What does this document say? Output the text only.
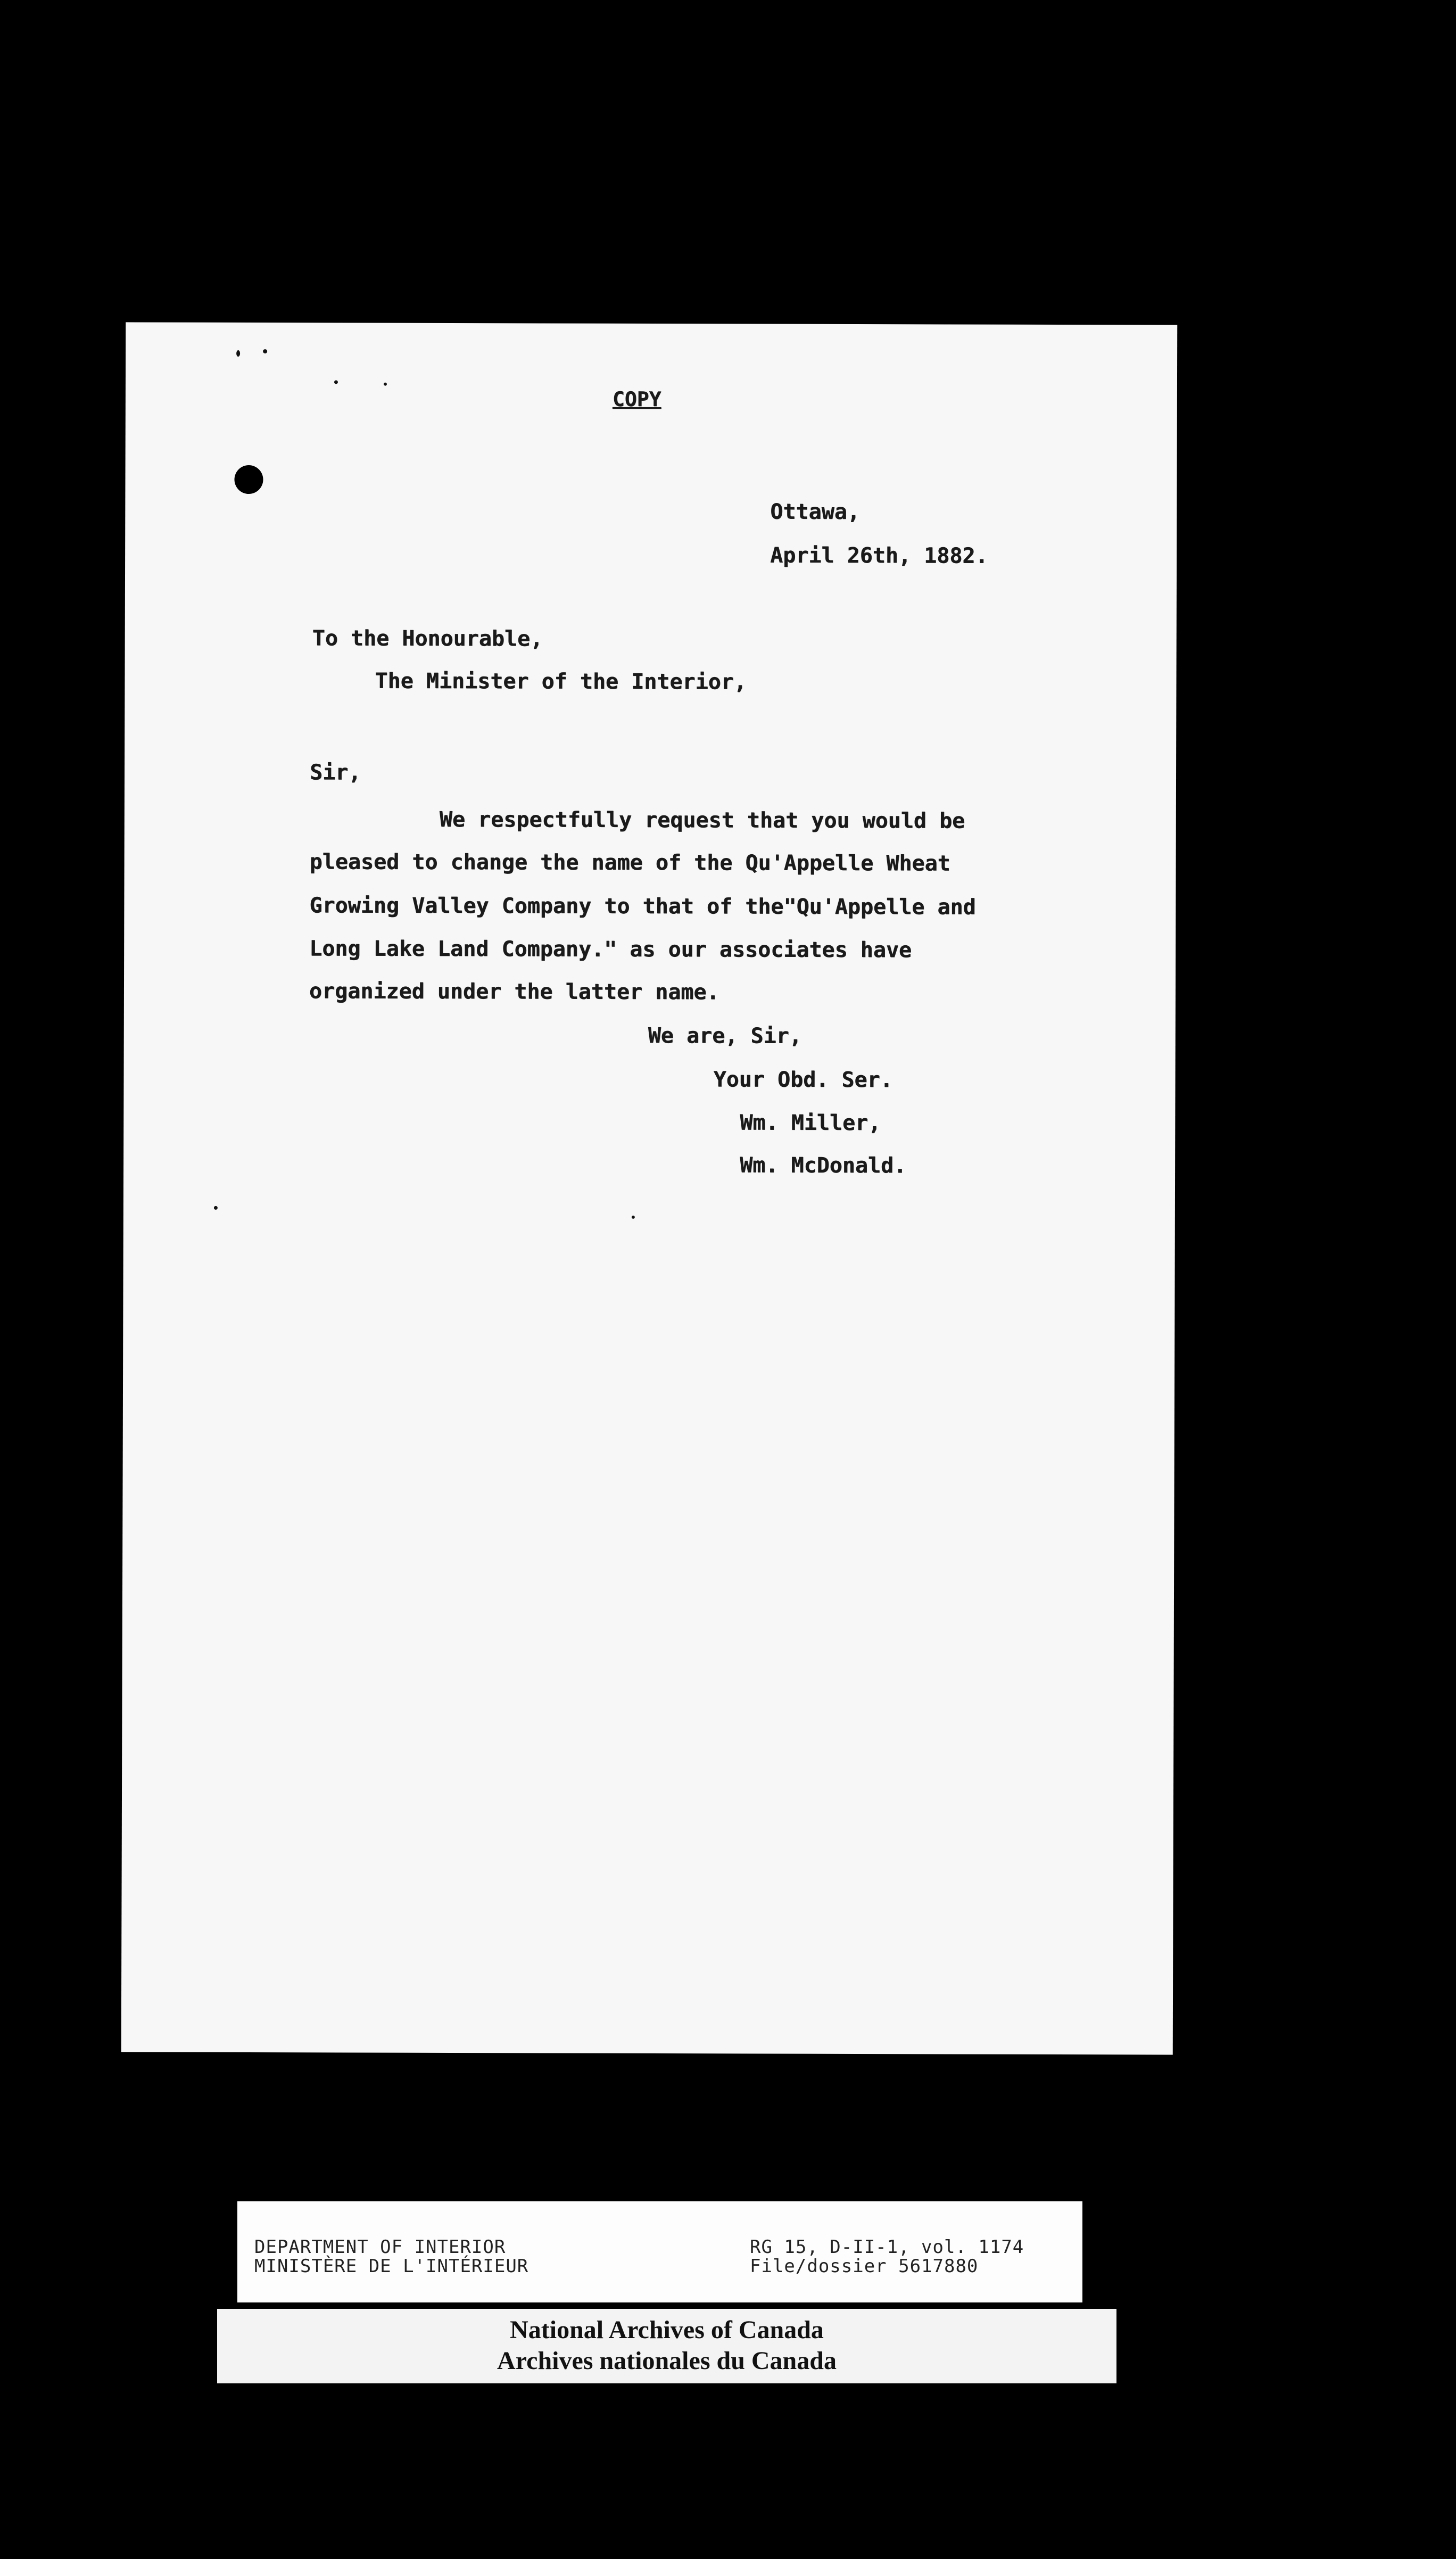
COPY
Ottawa,
April 26th, 1882.
To the Honourable,
The Minister of the Interior,
Sir,
We respectfully request that you would be
pleased to change the name of the Qu'Appelle Wheat
Growing Valley Company to that of the"Qu'Appelle and
Long Lake Land Company." as our associates have
organized under the latter name.
We are, Sir,
Your Obd. Ser.
Wm. Miller,
Wm. McDonald.
DEPARTMENT OF INTERIOR
MINISTÈRE DE L'INTÉRIEUR
RG 15, D-II-1, vol. 1174
File/dossier 5617880
National Archives of Canada
Archives nationales du Canada
